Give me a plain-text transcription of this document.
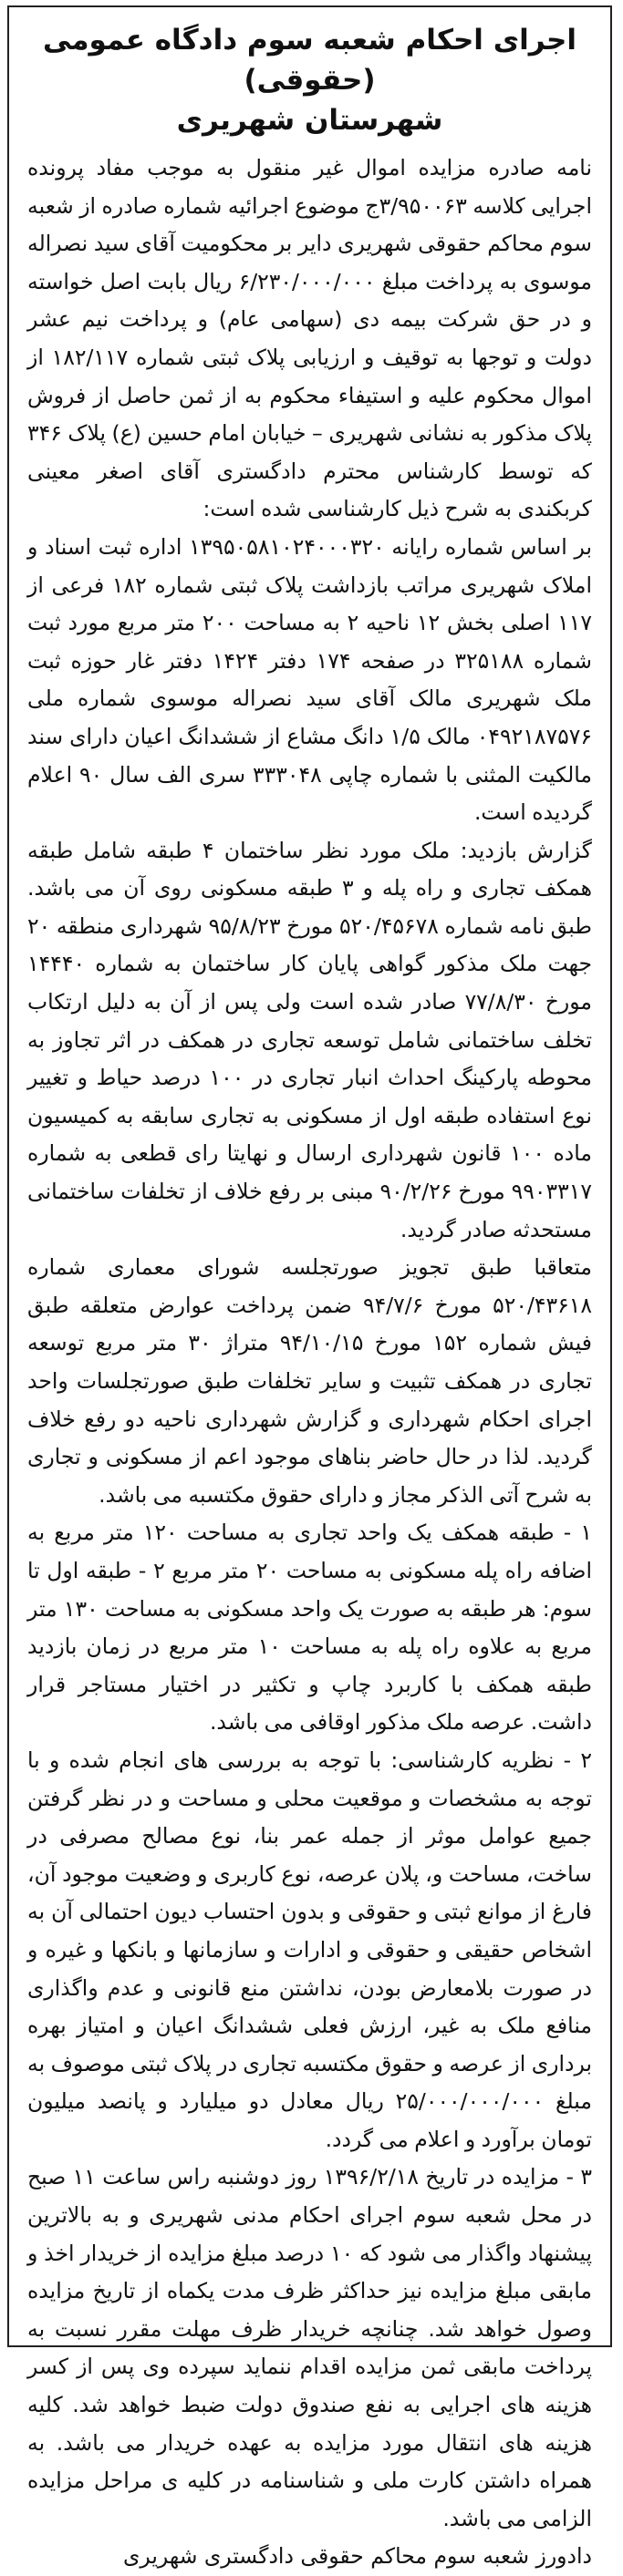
اجرای احکام شعبه سوم دادگاه عمومی (حقوقی)
شهرستان شهریری

نامه صادره مزایده اموال غیر منقول به موجب مفاد پرونده اجرایی کلاسه ۳/۹۵۰۰۶۳ج موضوع اجرائیه شماره صادره از شعبه سوم محاکم حقوقی شهریری دایر بر محکومیت آقای سید نصراله موسوی به پرداخت مبلغ ۶/۲۳۰/۰۰۰/۰۰۰ ریال بابت اصل خواسته و در حق شرکت بیمه دی (سهامی عام) و پرداخت نیم عشر دولت و توجها به توقیف و ارزیابی پلاک ثبتی شماره ۱۸۲/۱۱۷ از اموال محکوم علیه و استیفاء محکوم به از ثمن حاصل از فروش پلاک مذکور به نشانی شهریری – خیابان امام حسین (ع) پلاک ۳۴۶ که توسط کارشناس محترم دادگستری آقای اصغر معینی کربکندی به شرح ذیل کارشناسی شده است:

بر اساس شماره رایانه ۱۳۹۵۰۵۸۱۰۲۴۰۰۰۳۲۰ اداره ثبت اسناد و املاک شهریری مراتب بازداشت پلاک ثبتی شماره ۱۸۲ فرعی از ۱۱۷ اصلی بخش ۱۲ ناحیه ۲ به مساحت ۲۰۰ متر مربع مورد ثبت شماره ۳۲۵۱۸۸ در صفحه ۱۷۴ دفتر ۱۴۲۴ دفتر غار حوزه ثبت ملک شهریری مالک آقای سید نصراله موسوی شماره ملی ۰۴۹۲۱۸۷۵۷۶ مالک ۱/۵ دانگ مشاع از ششدانگ اعیان دارای سند مالکیت المثنی با شماره چاپی ۳۳۳۰۴۸ سری الف سال ۹۰ اعلام گردیده است.

گزارش بازدید: ملک مورد نظر ساختمان ۴ طبقه شامل طبقه همکف تجاری و راه پله و ۳ طبقه مسکونی روی آن می باشد. طبق نامه شماره ۵۲۰/۴۵۶۷۸ مورخ ۹۵/۸/۲۳ شهرداری منطقه ۲۰ جهت ملک مذکور گواهی پایان کار ساختمان به شماره ۱۴۴۴۰ مورخ ۷۷/۸/۳۰ صادر شده است ولی پس از آن به دلیل ارتکاب تخلف ساختمانی شامل توسعه تجاری در همکف در اثر تجاوز به محوطه پارکینگ احداث انبار تجاری در ۱۰۰ درصد حیاط و تغییر نوع استفاده طبقه اول از مسکونی به تجاری سابقه به کمیسیون ماده ۱۰۰ قانون شهرداری ارسال و نهایتا رای قطعی به شماره ۹۹۰۳۳۱۷ مورخ ۹۰/۲/۲۶ مبنی بر رفع خلاف از تخلفات ساختمانی مستحدثه صادر گردید.

متعاقبا طبق تجویز صورتجلسه شورای معماری شماره ۵۲۰/۴۳۶۱۸ مورخ ۹۴/۷/۶ ضمن پرداخت عوارض متعلقه طبق فیش شماره ۱۵۲ مورخ ۹۴/۱۰/۱۵ متراژ ۳۰ متر مربع توسعه تجاری در همکف تثبیت و سایر تخلفات طبق صورتجلسات واحد اجرای احکام شهرداری و گزارش شهرداری ناحیه دو رفع خلاف گردید. لذا در حال حاضر بناهای موجود اعم از مسکونی و تجاری به شرح آتی الذکر مجاز و دارای حقوق مکتسبه می باشد.

۱ - طبقه همکف یک واحد تجاری به مساحت ۱۲۰ متر مربع به اضافه راه پله مسکونی به مساحت ۲۰ متر مربع ۲ - طبقه اول تا سوم: هر طبقه به صورت یک واحد مسکونی به مساحت ۱۳۰ متر مربع به علاوه راه پله به مساحت ۱۰ متر مربع در زمان بازدید طبقه همکف با کاربرد چاپ و تکثیر در اختیار مستاجر قرار داشت. عرصه ملک مذکور اوقافی می باشد.

۲ - نظریه کارشناسی: با توجه به بررسی های انجام شده و با توجه به مشخصات و موقعیت محلی و مساحت و در نظر گرفتن جمیع عوامل موثر از جمله عمر بنا، نوع مصالح مصرفی در ساخت، مساحت و، پلان عرصه، نوع کاربری و وضعیت موجود آن، فارغ از موانع ثبتی و حقوقی و بدون احتساب دیون احتمالی آن به اشخاص حقیقی و حقوقی و ادارات و سازمانها و بانکها و غیره و در صورت بلامعارض بودن، نداشتن منع قانونی و عدم واگذاری منافع ملک به غیر، ارزش فعلی ششدانگ اعیان و امتیاز بهره برداری از عرصه و حقوق مکتسبه تجاری در پلاک ثبتی موصوف به مبلغ ۲۵/۰۰۰/۰۰۰/۰۰۰ ریال معادل دو میلیارد و پانصد میلیون تومان برآورد و اعلام می گردد.

۳ - مزایده در تاریخ ۱۳۹۶/۲/۱۸ روز دوشنبه راس ساعت ۱۱ صبح در محل شعبه سوم اجرای احکام مدنی شهریری و به بالاترین پیشنهاد واگذار می شود که ۱۰ درصد مبلغ مزایده از خریدار اخذ و مابقی مبلغ مزایده نیز حداکثر ظرف مدت یکماه از تاریخ مزایده وصول خواهد شد. چنانچه خریدار ظرف مهلت مقرر نسبت به پرداخت مابقی ثمن مزایده اقدام ننماید سپرده وی پس از کسر هزینه های اجرایی به نفع صندوق دولت ضبط خواهد شد. کلیه هزینه های انتقال مورد مزایده به عهده خریدار می باشد. به همراه داشتن کارت ملی و شناسنامه در کلیه ی مراحل مزایده الزامی می باشد.

دادورز شعبه سوم محاکم حقوقی دادگستری شهریری
